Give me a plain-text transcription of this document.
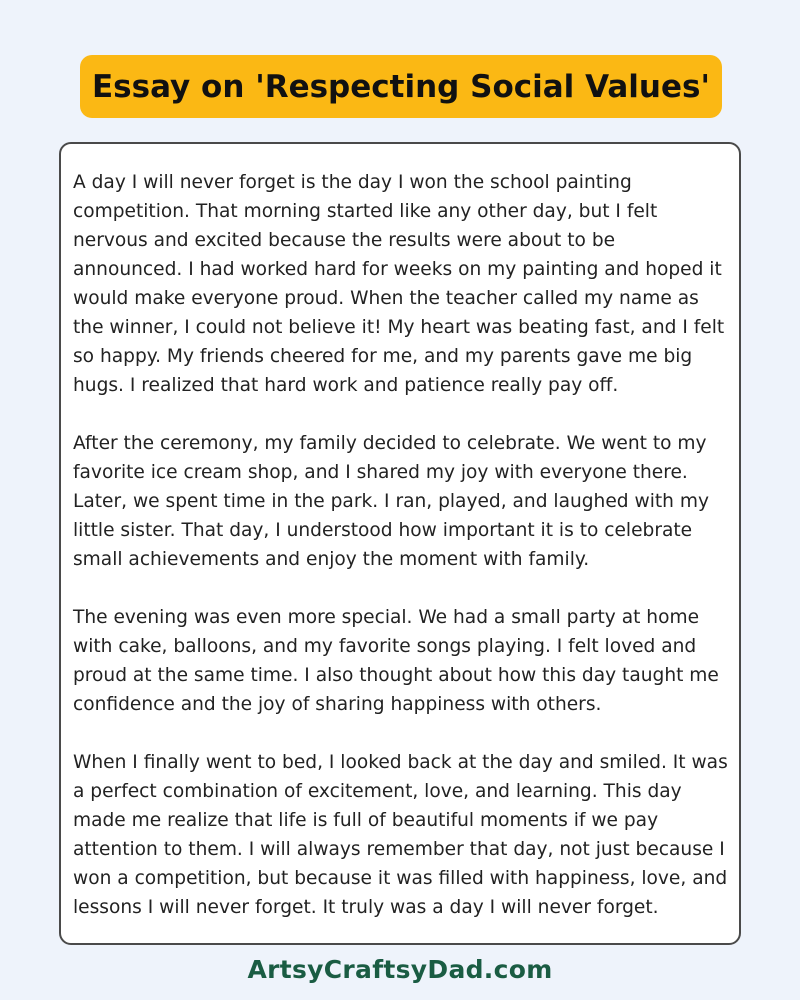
Essay on 'Respecting Social Values'

A day I will never forget is the day I won the school painting competition. That morning started like any other day, but I felt nervous and excited because the results were about to be announced. I had worked hard for weeks on my painting and hoped it would make everyone proud. When the teacher called my name as the winner, I could not believe it! My heart was beating fast, and I felt so happy. My friends cheered for me, and my parents gave me big hugs. I realized that hard work and patience really pay off.

After the ceremony, my family decided to celebrate. We went to my favorite ice cream shop, and I shared my joy with everyone there. Later, we spent time in the park. I ran, played, and laughed with my little sister. That day, I understood how important it is to celebrate small achievements and enjoy the moment with family.

The evening was even more special. We had a small party at home with cake, balloons, and my favorite songs playing. I felt loved and proud at the same time. I also thought about how this day taught me confidence and the joy of sharing happiness with others.

When I finally went to bed, I looked back at the day and smiled. It was a perfect combination of excitement, love, and learning. This day made me realize that life is full of beautiful moments if we pay attention to them. I will always remember that day, not just because I won a competition, but because it was filled with happiness, love, and lessons I will never forget. It truly was a day I will never forget.

ArtsyCraftsyDad.com
